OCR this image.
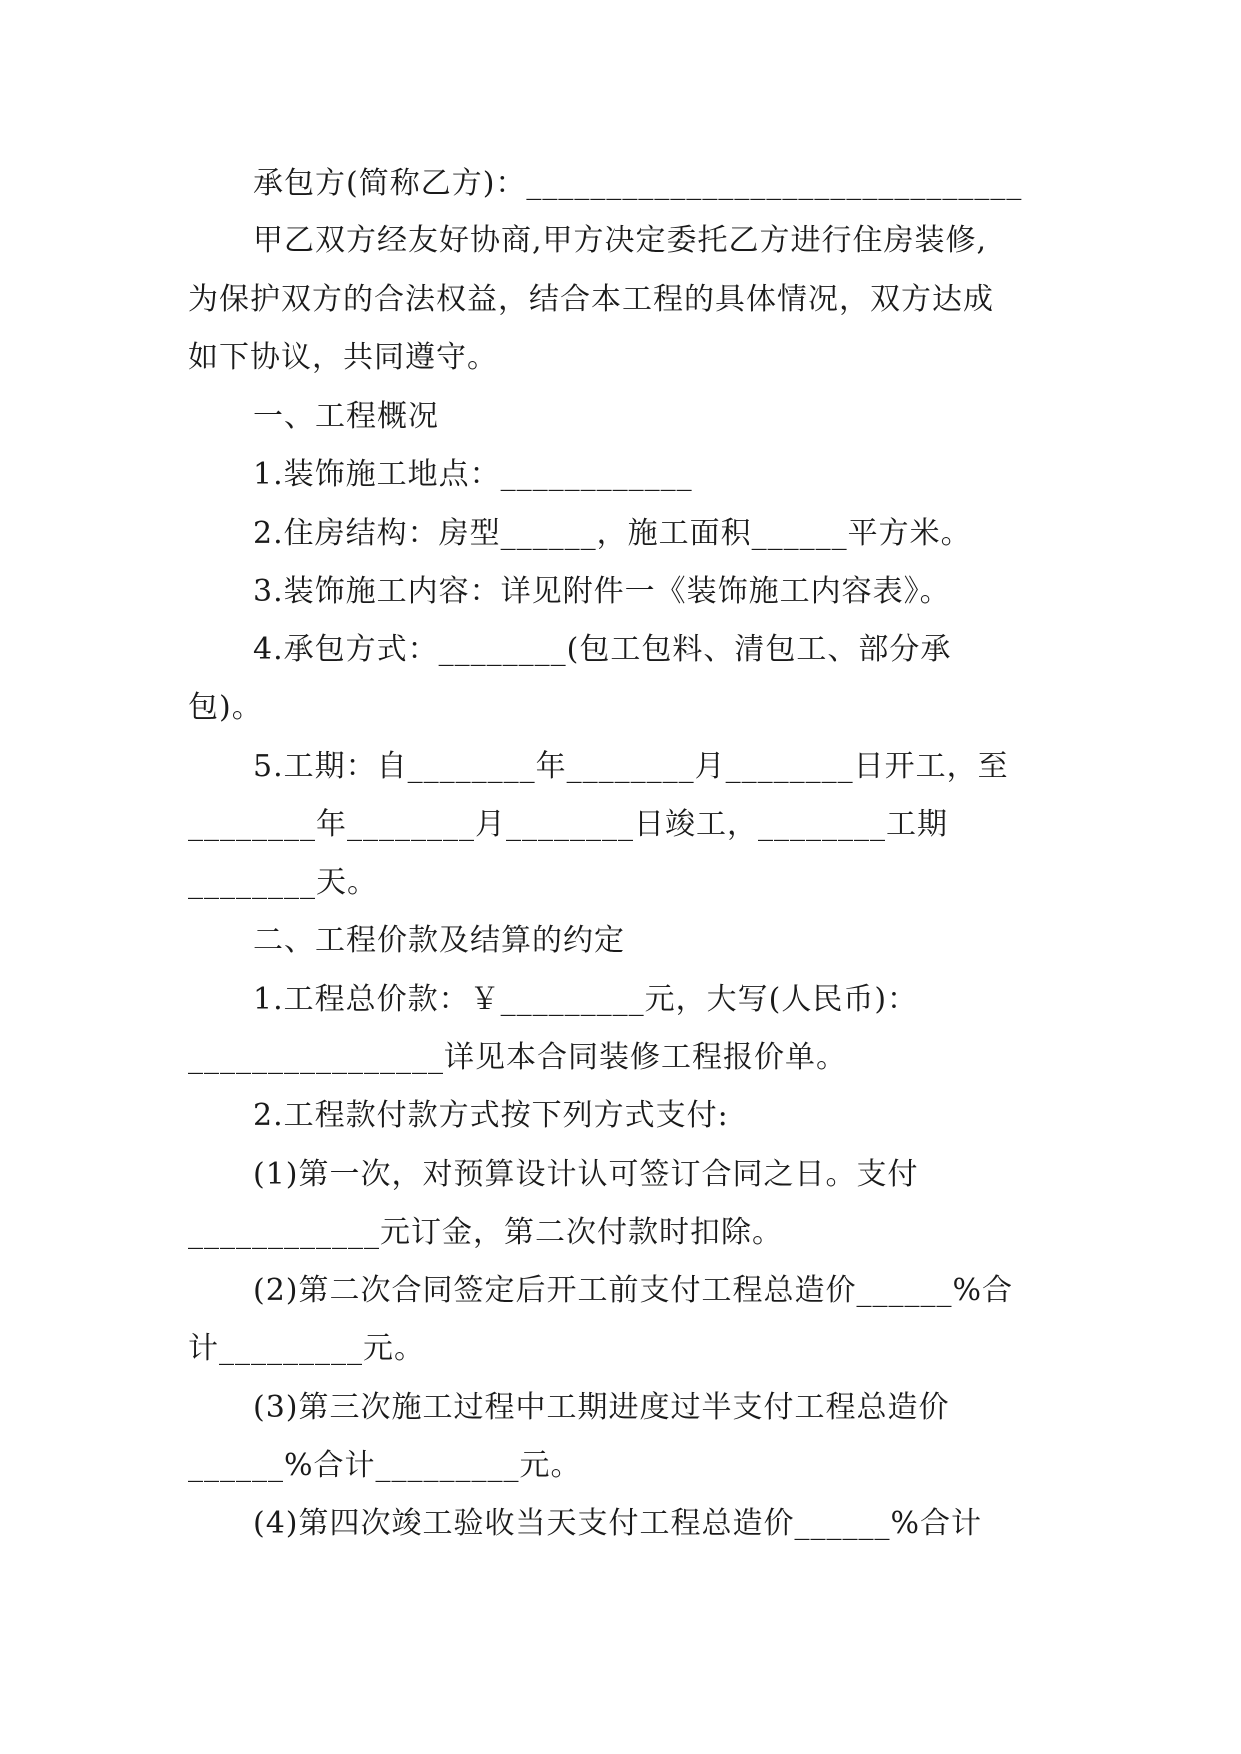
承包方(简称乙方)：_______________________________
甲乙双方经友好协商,甲方决定委托乙方进行住房装修,
为保护双方的合法权益，结合本工程的具体情况，双方达成
如下协议，共同遵守。
一、工程概况
1.装饰施工地点：____________
2.住房结构：房型______，施工面积______平方米。
3.装饰施工内容：详见附件一《装饰施工内容表》。
4.承包方式：________(包工包料、清包工、部分承
包)。
5.工期：自________年________月________日开工，至
________年________月________日竣工，________工期
________天。
二、工程价款及结算的约定
1.工程总价款：￥_________元，大写(人民币)：
________________详见本合同装修工程报价单。
2.工程款付款方式按下列方式支付:
(1)第一次，对预算设计认可签订合同之日。支付
____________元订金，第二次付款时扣除。
(2)第二次合同签定后开工前支付工程总造价______%合
计_________元。
(3)第三次施工过程中工期进度过半支付工程总造价
______%合计_________元。
(4)第四次竣工验收当天支付工程总造价______%合计
